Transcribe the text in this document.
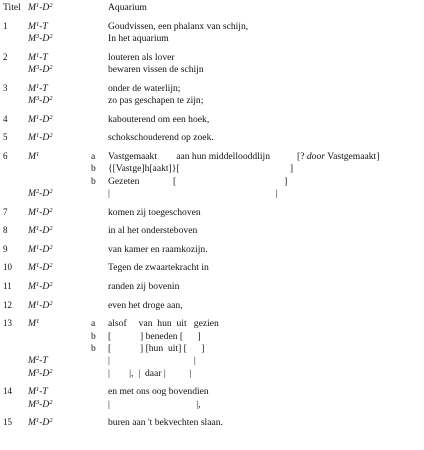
Titel $M^1-D^2$	Aquarium
1 $M^1-T$	Goudvissen, een phalanx van schijn,
$M^3-D^2$	In het aquarium
2 $M^1-T$	louteren als lover
$M^3-D^2$	bewaren vissen de schijn
3 $M^1-T$	onder de waterlijn;
$M^3-D^2$	zo pas geschapen te zijn;
4 $M^1-D^2$	kabouterend om een hoek,
5 $M^1-D^2$	schokschouderend op zoek.
6 $M^1$	a Vastgemaakt        aan hun middellooddlijn	[? door Vastgemaakt]
b {[Vastge]h[aakt]}[                                              ]
b Gezeten              [                                             ]
$M^2-D^2$	|                                                                     |
7 $M^1-D^2$	komen zij toegeschoven
8 $M^1-D^2$	in al het ondersteboven
9 $M^1-D^2$	van kamer en raamkozijn.
10 $M^1-D^2$	Tegen de zwaartekracht in
11 $M^1-D^2$	randen zij bovenin
12 $M^1-D^2$	even het droge aan,
13 $M^1$	a alsof     van  hun  uit   gezien
b [            ] beneden [      ]
b [            ] [hun  uit] [      ]
$M^2-T$	|                                   |
$M^3-D^2$	|        |,  |  daar |          |
14 $M^1-T$	en met ons oog bovendien
$M^3-D^2$	|                                    |,
15 $M^1-D^2$	buren aan 't bekvechten slaan.
